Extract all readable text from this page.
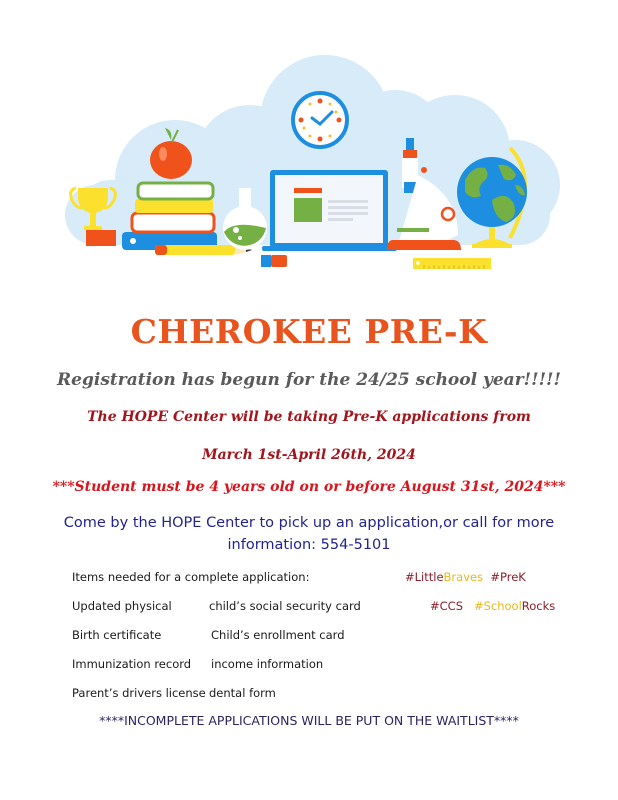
CHEROKEE PRE-K
Registration has begun for the 24/25 school year!!!!!
The HOPE Center will be taking Pre-K applications from
March 1st-April 26th, 2024
***Student must be 4 years old on or before August 31st, 2024***
Come by the HOPE Center to pick up an application,or call for more
information: 554-5101
Items needed for a complete application:
Updated physical	child’s social security card
Birth certificate	Child’s enrollment card
Immunization record income information
Parent’s drivers license dental form
#LittleBraves  #PreK
#CCS   #SchoolRocks
****INCOMPLETE APPLICATIONS WILL BE PUT ON THE WAITLIST****
